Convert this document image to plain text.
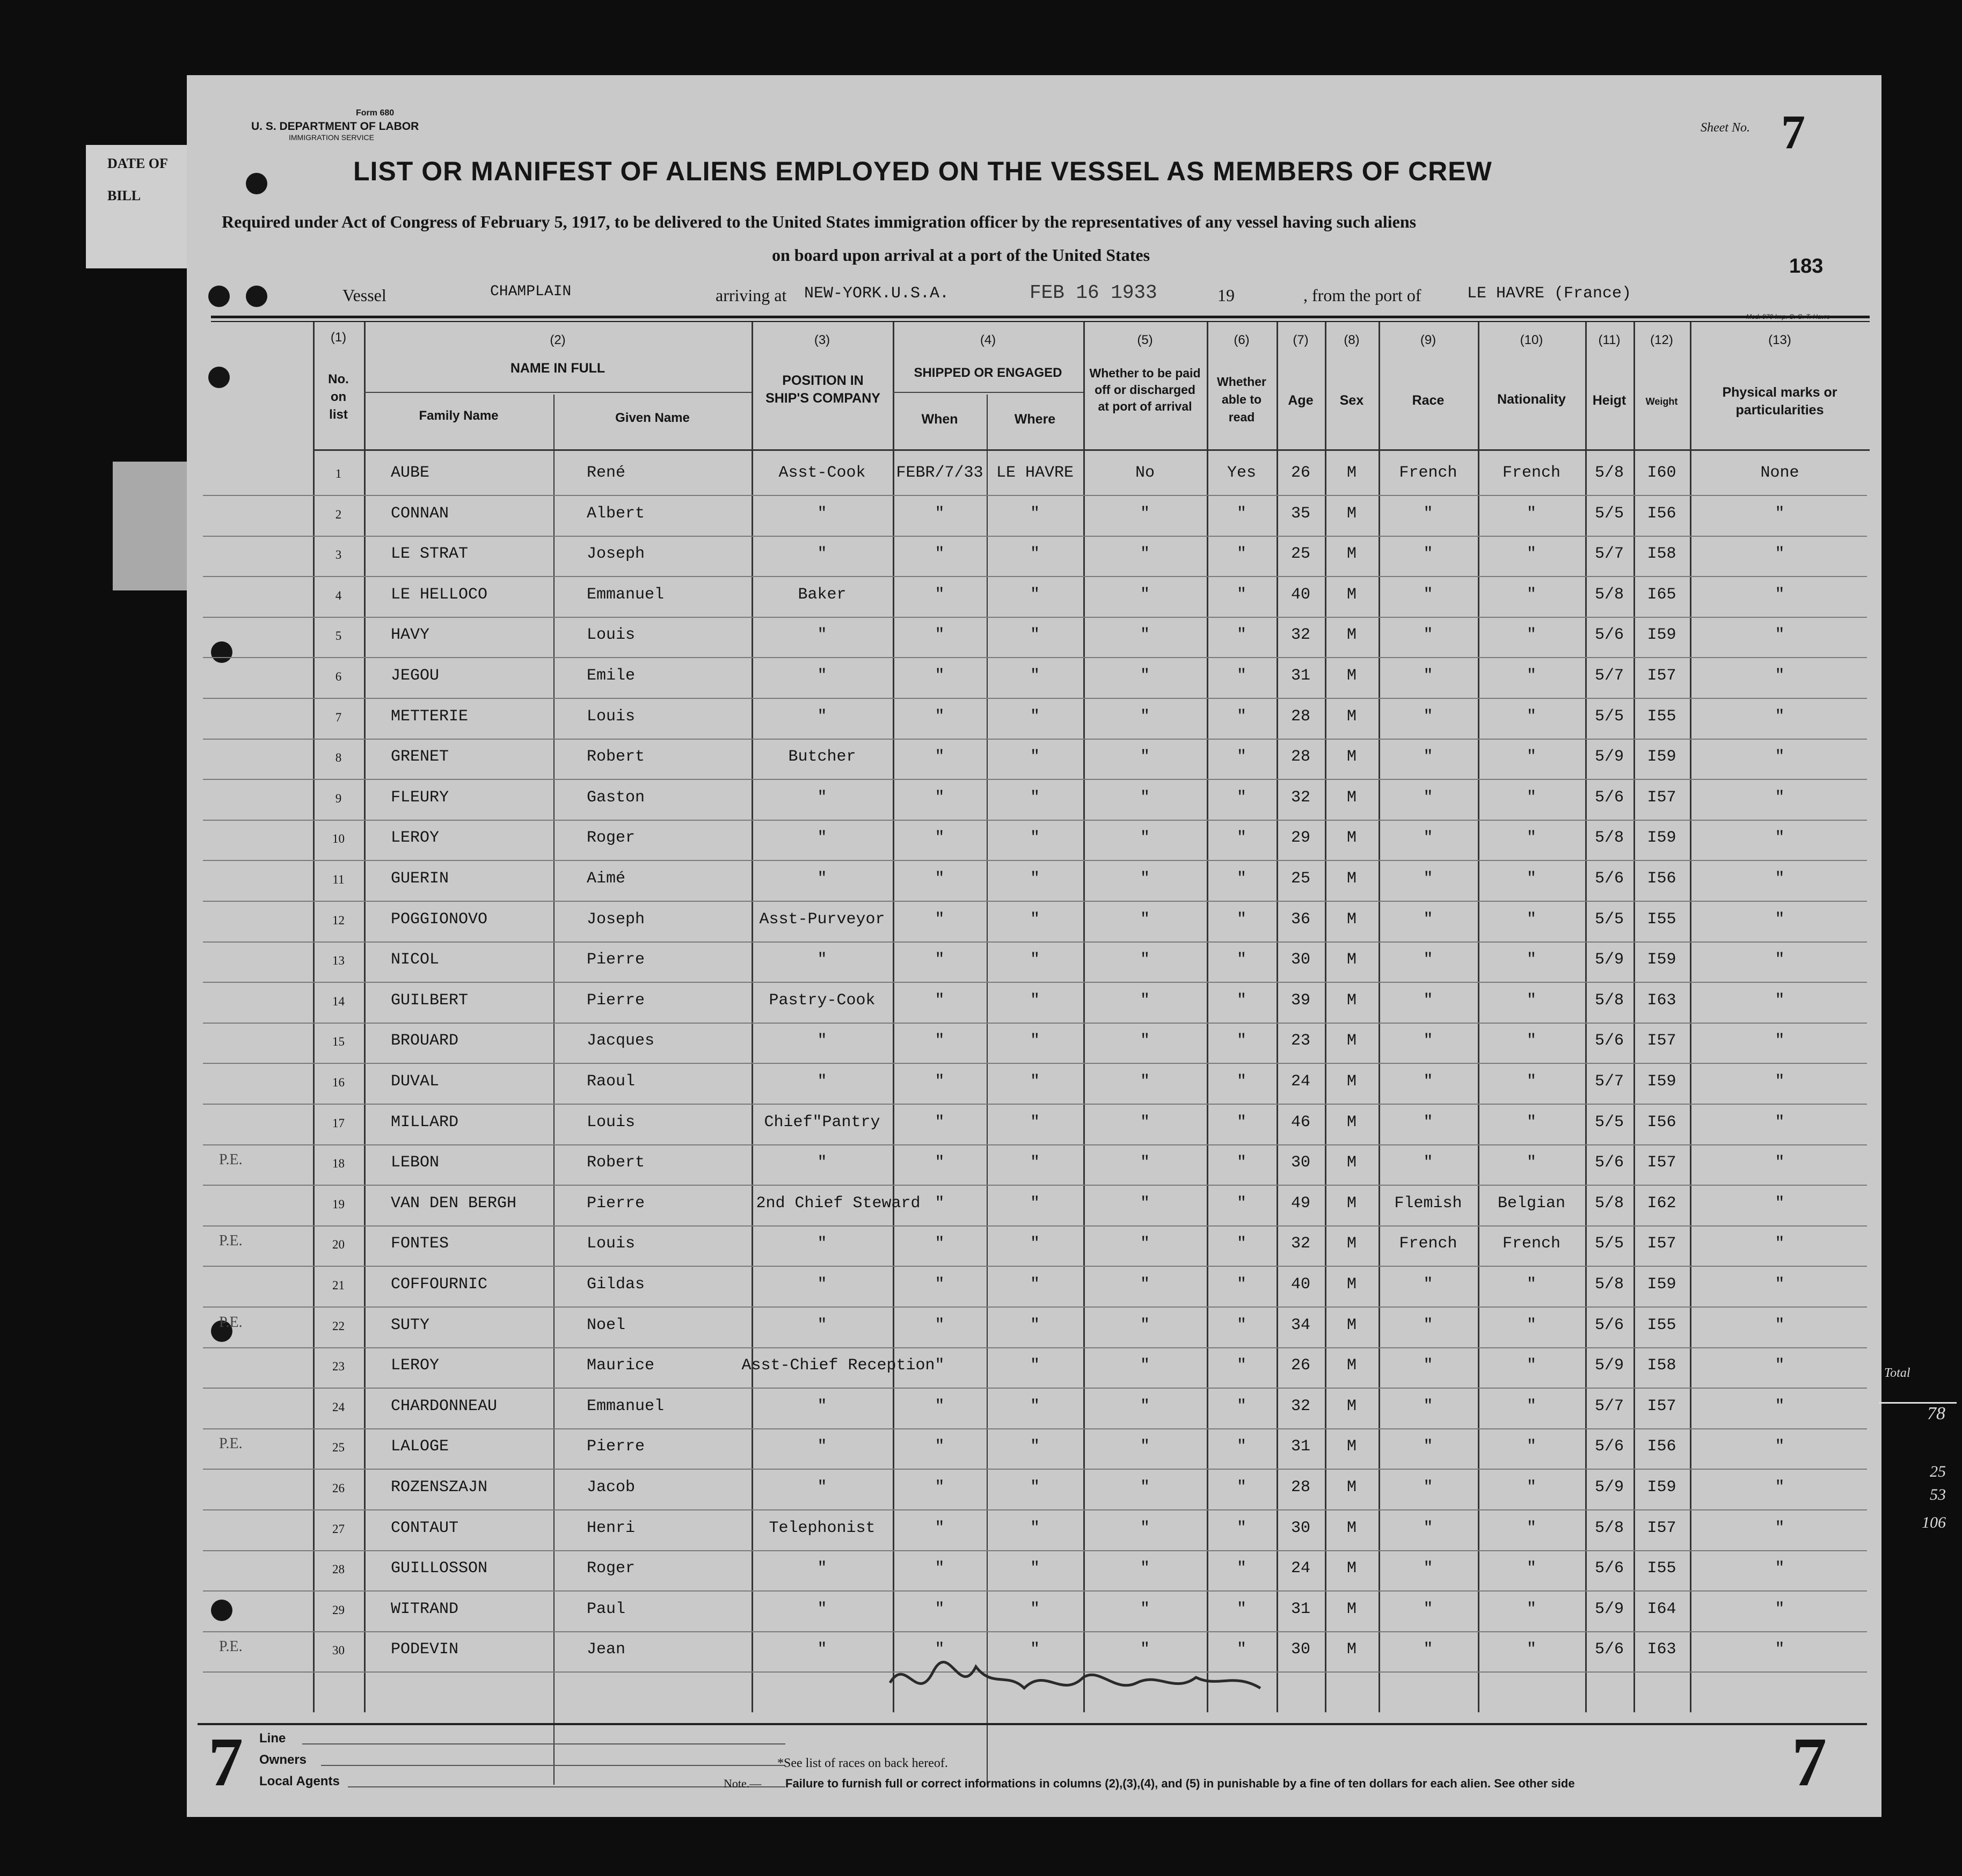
DATE OF
BILL
Form 680
U. S. DEPARTMENT OF LABOR
IMMIGRATION SERVICE
Sheet No. 7
183
LIST OR MANIFEST OF ALIENS EMPLOYED ON THE VESSEL AS MEMBERS OF CREW
Required under Act of Congress of February 5, 1917, to be delivered to the United States immigration officer by the representatives of any vessel having such aliens
on board upon arrival at a port of the United States
Vessel	CHAMPLAIN	arriving at NEW-YORK.U.S.A.	FEB 16 1933	19	, from the port of	LE HAVRE (France)
(1)
No. on list
(2)
NAME IN FULL
Family Name	Given Name
(3)
POSITION IN SHIP'S COMPANY
(4)
SHIPPED OR ENGAGED
When	Where
(5)
Whether to be paid off or discharged at port of arrival
(6)
Whether able to read
(7)
Age
(8)
Sex
(9)
Race
(10)
Nationality
(11)
Heigt
(12)
Weight
(13)
Physical marks or particularities
1	AUBE	René	Asst-Cook	FEBR/7/33 LE HAVRE	No	Yes	26	M	French	French	5/8	I60	None
2	CONNAN	Albert	"	"	"	"	"	35	M	"	"	5/5	I56	"
3	LE STRAT	Joseph	"	"	"	"	"	25	M	"	"	5/7	I58	"
4	LE HELLOCO	Emmanuel	Baker	"	"	"	"	40	M	"	"	5/8	I65	"
5	HAVY	Louis	"	"	"	"	"	32	M	"	"	5/6	I59	"
6	JEGOU	Emile	"	"	"	"	"	31	M	"	"	5/7	I57	"
7	METTERIE	Louis	"	"	"	"	"	28	M	"	"	5/5	I55	"
8	GRENET	Robert	Butcher	"	"	"	"	28	M	"	"	5/9	I59	"
9	FLEURY	Gaston	"	"	"	"	"	32	M	"	"	5/6	I57	"
10	LEROY	Roger	"	"	"	"	"	29	M	"	"	5/8	I59	"
11	GUERIN	Aimé	"	"	"	"	"	25	M	"	"	5/6	I56	"
12	POGGIONOVO	Joseph	Asst-Purveyor	"	"	"	"	36	M	"	"	5/5	I55	"
13	NICOL	Pierre	"	"	"	"	"	30	M	"	"	5/9	I59	"
14	GUILBERT	Pierre	Pastry-Cook	"	"	"	"	39	M	"	"	5/8	I63	"
15	BROUARD	Jacques	"	"	"	"	"	23	M	"	"	5/6	I57	"
16	DUVAL	Raoul	"	"	"	"	"	24	M	"	"	5/7	I59	"
17	MILLARD	Louis	Chief"Pantry	"	"	"	"	46	M	"	"	5/5	I56	"
18	LEBON	Robert	"	"	"	"	"	30	M	"	"	5/6	I57	"
P.E.
19	VAN DEN BERGH	Pierre	2nd Chief Steward "	"	"	"	49	M	Flemish	Belgian	5/8	I62	"
20	FONTES	Louis	"	"	"	"	"	32	M	French	French	5/5	I57	"
P.E.
21	COFFOURNIC	Gildas	"	"	"	"	"	40	M	"	"	5/8	I59	"
22	SUTY	Noel	"	"	"	"	"	34	M	"	"	5/6	I55	"
P.E.
23	LEROY	Maurice	Asst-Chief Reception "	"	"	"	26	M	"	"	5/9	I58	"
24	CHARDONNEAU	Emmanuel	"	"	"	"	"	32	M	"	"	5/7	I57	"
25	LALOGE	Pierre	"	"	"	"	"	31	M	"	"	5/6	I56	"
P.E.
26	ROZENSZAJN	Jacob	"	"	"	"	"	28	M	"	"	5/9	I59	"
27	CONTAUT	Henri	Telephonist	"	"	"	"	30	M	"	"	5/8	I57	"
28	GUILLOSSON	Roger	"	"	"	"	"	24	M	"	"	5/6	I55	"
29	WITRAND	Paul	"	"	"	"	"	31	M	"	"	5/9	I64	"
30	PODEVIN	Jean	"	"	"	"	"	30	M	"	"	5/6	I63	"
P.E.
7	7
Line
Owners
Local Agents
*See list of races on back hereof.
Note.— Failure to furnish full or correct informations in columns (2),(3),(4), and (5) in punishable by a fine of ten dollars for each alien. See other side
Total
78
25
53
106
